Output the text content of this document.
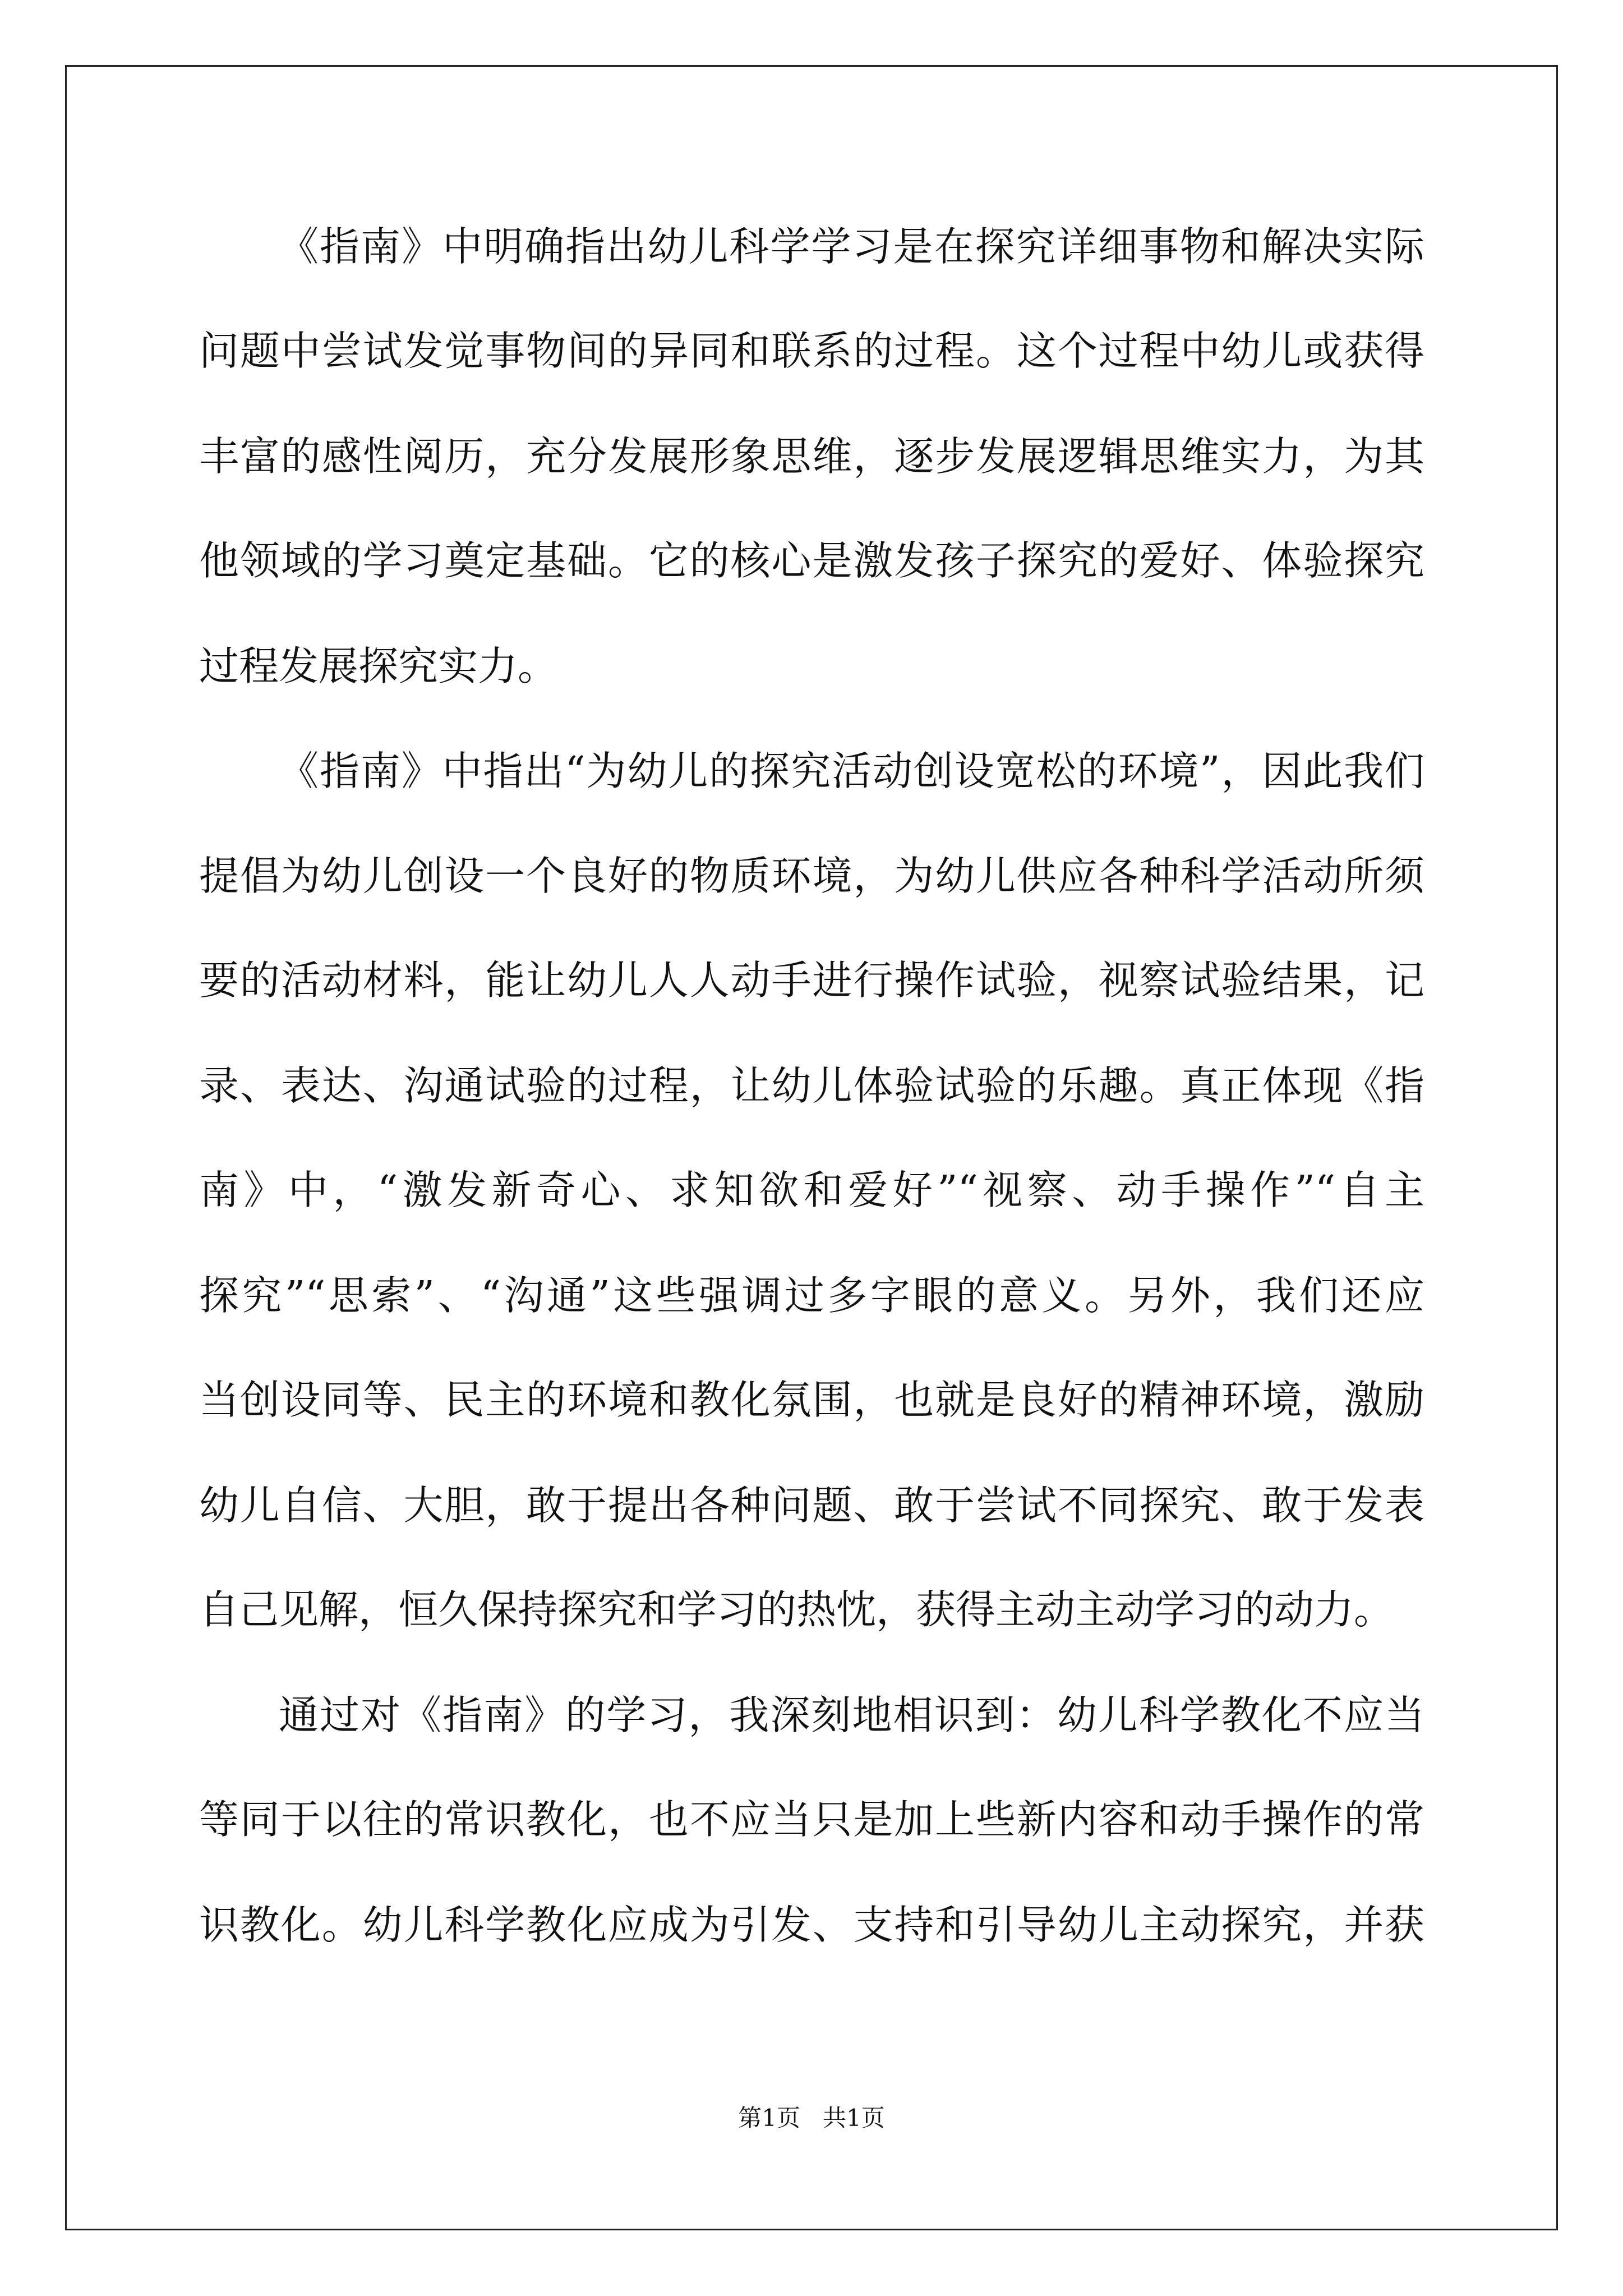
《指南》中明确指出幼儿科学学习是在探究详细事物和解决实际
问题中尝试发觉事物间的异同和联系的过程。这个过程中幼儿或获得
丰富的感性阅历，充分发展形象思维，逐步发展逻辑思维实力，为其
他领域的学习奠定基础。它的核心是激发孩子探究的爱好、体验探究
过程发展探究实力。
《指南》中指出“为幼儿的探究活动创设宽松的环境”，因此我们
提倡为幼儿创设一个良好的物质环境，为幼儿供应各种科学活动所须
要的活动材料，能让幼儿人人动手进行操作试验，视察试验结果，记
录、表达、沟通试验的过程，让幼儿体验试验的乐趣。真正体现《指
南》中，“激发新奇心、求知欲和爱好”“视察、动手操作”“自主
探究”“思索”、“沟通”这些强调过多字眼的意义。另外，我们还应
当创设同等、民主的环境和教化氛围，也就是良好的精神环境，激励
幼儿自信、大胆，敢于提出各种问题、敢于尝试不同探究、敢于发表
自己见解，恒久保持探究和学习的热忱，获得主动主动学习的动力。
通过对《指南》的学习，我深刻地相识到：幼儿科学教化不应当
等同于以往的常识教化，也不应当只是加上些新内容和动手操作的常
识教化。幼儿科学教化应成为引发、支持和引导幼儿主动探究，并获
第1页 共1页
